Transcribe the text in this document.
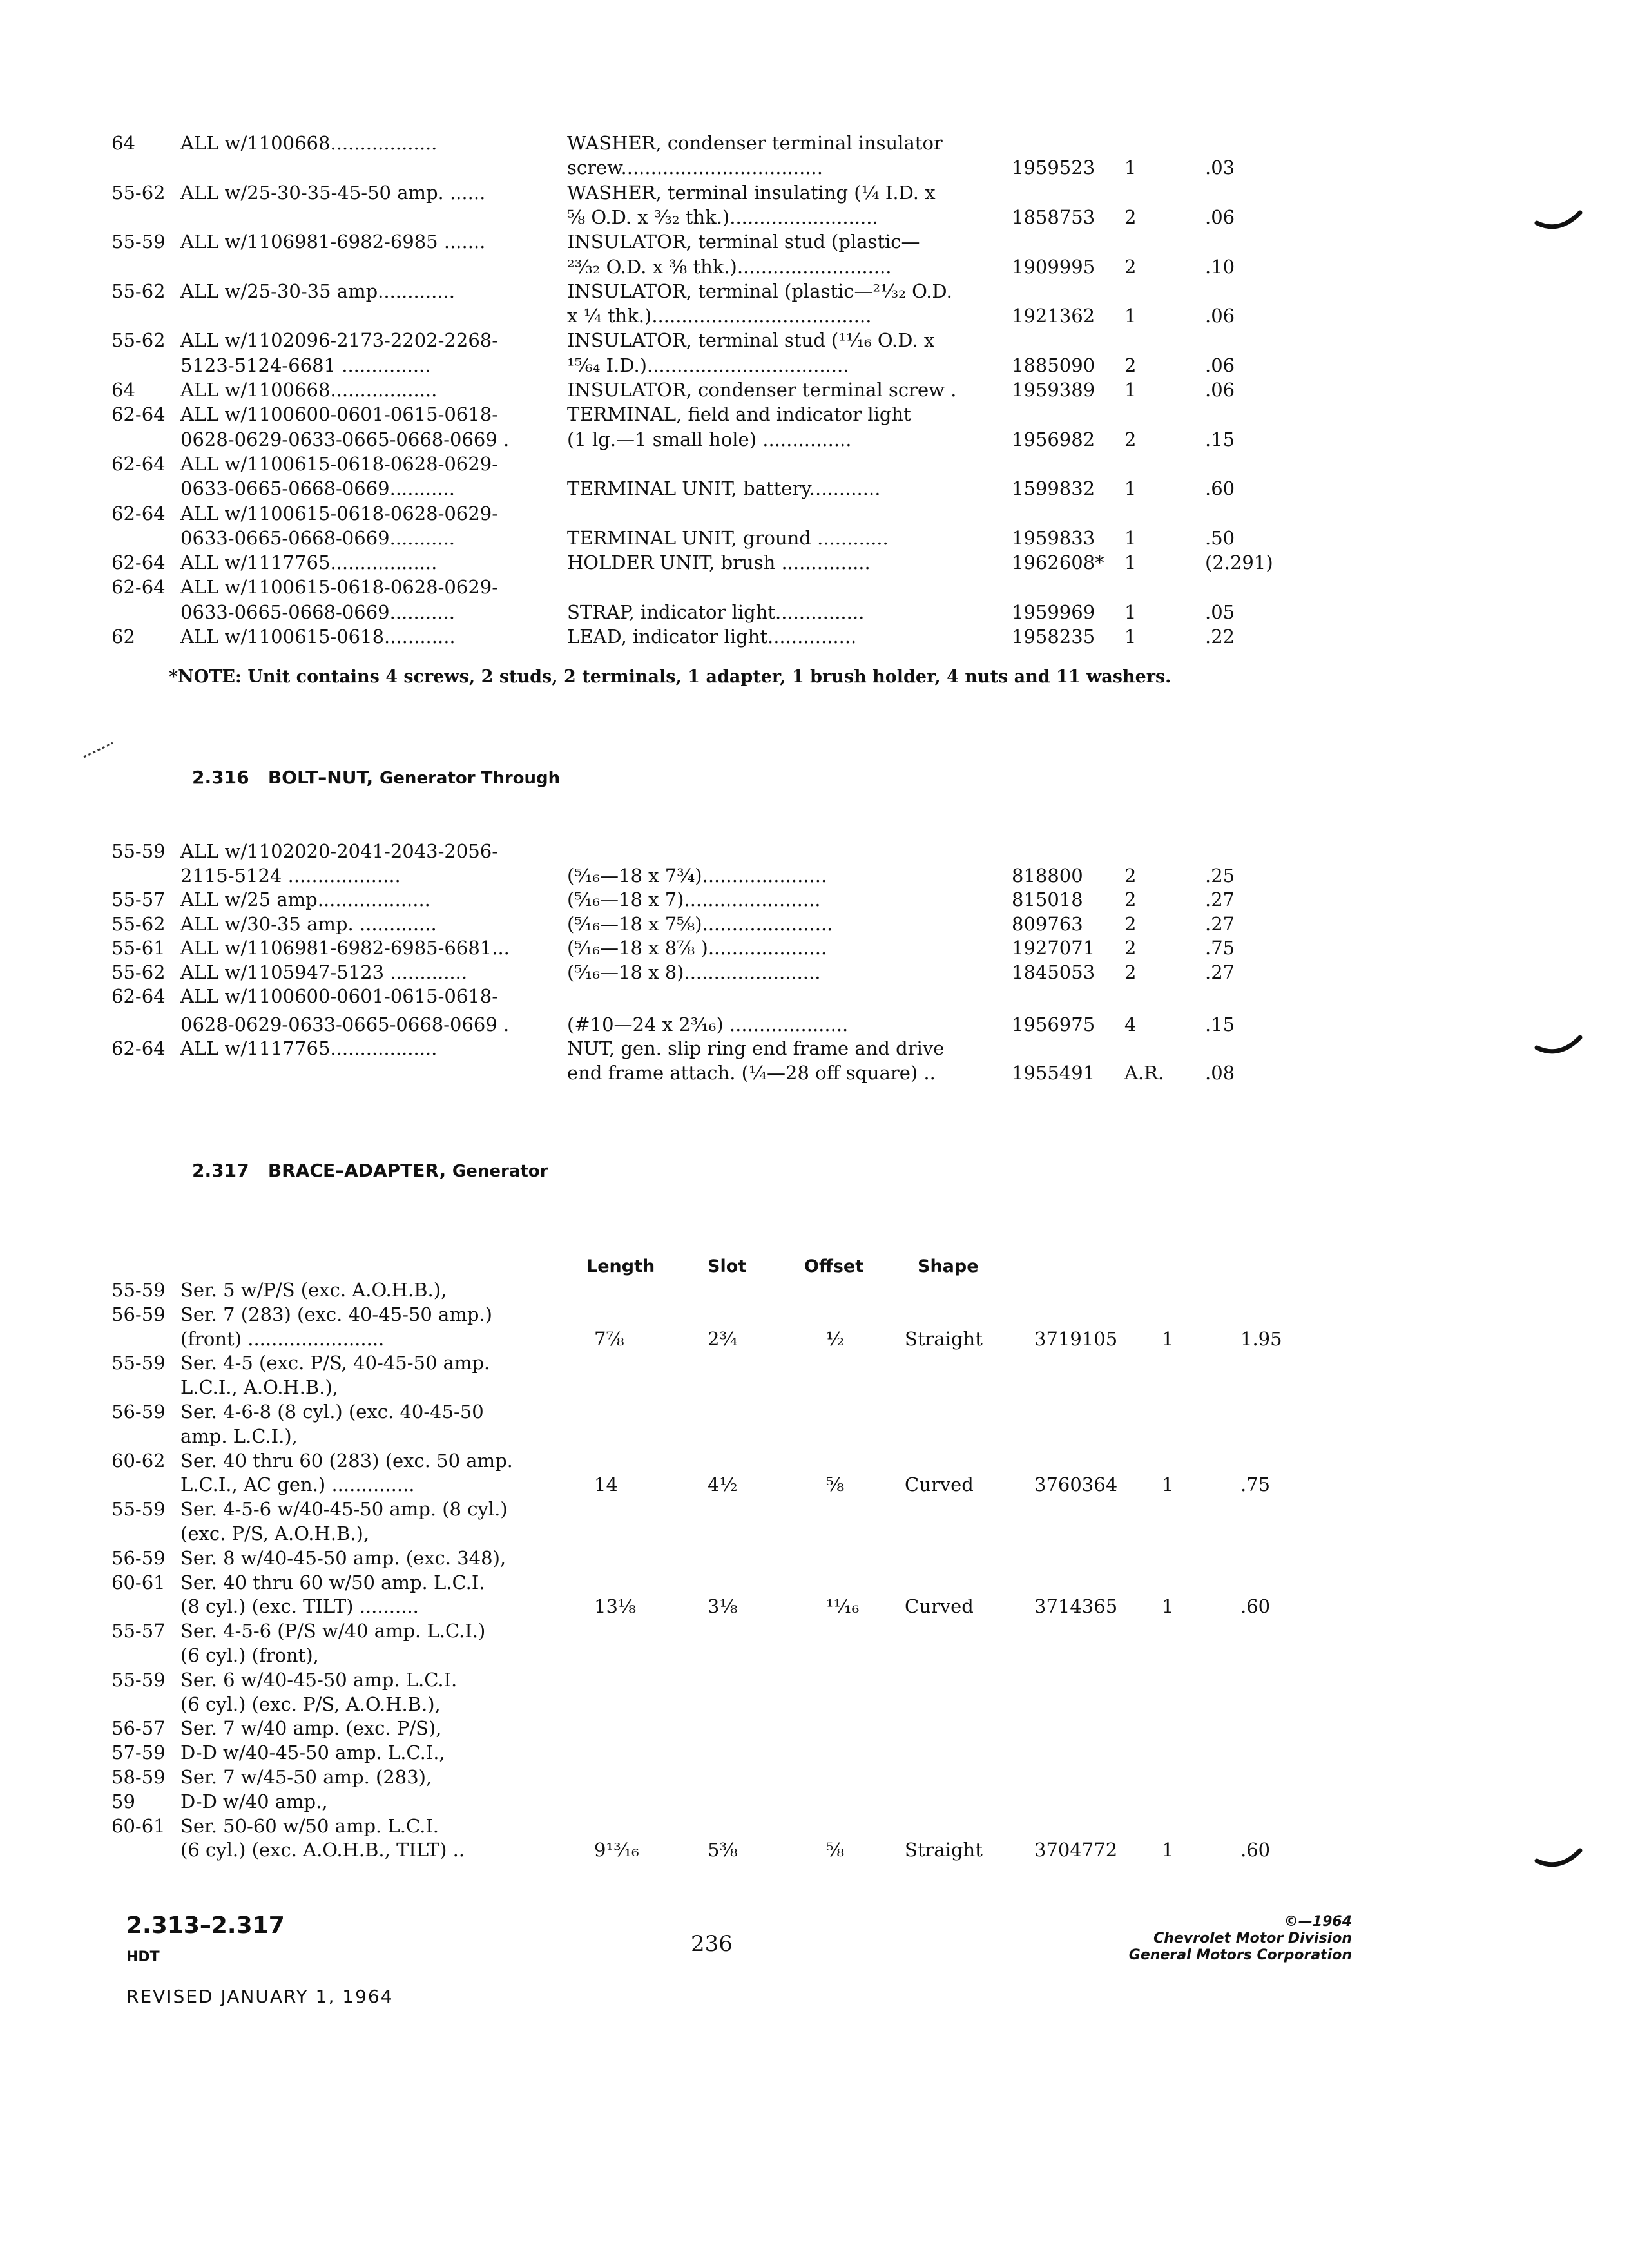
64 ALL w/1100668..................	WASHER, condenser terminal insulator
screw..................................	1959523 1	.03
55-62 ALL w/25-30-35-45-50 amp. ......	WASHER, terminal insulating (¼ I.D. x
⅝ O.D. x ³⁄₃₂ thk.).........................	1858753 2	.06
55-59 ALL w/1106981-6982-6985 .......	INSULATOR, terminal stud (plastic—
²³⁄₃₂ O.D. x ⅜ thk.)..........................	1909995 2	.10
55-62 ALL w/25-30-35 amp.............	INSULATOR, terminal (plastic—²¹⁄₃₂ O.D.
x ¼ thk.).....................................	1921362 1	.06
55-62 ALL w/1102096-2173-2202-2268-	INSULATOR, terminal stud (¹¹⁄₁₆ O.D. x
5123-5124-6681 ...............	¹⁵⁄₆₄ I.D.)..................................	1885090 2	.06
64 ALL w/1100668..................	INSULATOR, condenser terminal screw .	1959389 1	.06
62-64 ALL w/1100600-0601-0615-0618-	TERMINAL, field and indicator light
0628-0629-0633-0665-0668-0669 .	(1 lg.—1 small hole) ...............	1956982 2	.15
62-64 ALL w/1100615-0618-0628-0629-
0633-0665-0668-0669...........	TERMINAL UNIT, battery............	1599832 1	.60
62-64 ALL w/1100615-0618-0628-0629-
0633-0665-0668-0669...........	TERMINAL UNIT, ground ............	1959833 1	.50
62-64 ALL w/1117765..................	HOLDER UNIT, brush ...............	1962608* 1	(2.291)
62-64 ALL w/1100615-0618-0628-0629-
0633-0665-0668-0669...........	STRAP, indicator light...............	1959969 1	.05
62 ALL w/1100615-0618............	LEAD, indicator light...............	1958235 1	.22
*NOTE: Unit contains 4 screws, 2 studs, 2 terminals, 1 adapter, 1 brush holder, 4 nuts and 11 washers.
2.316 BOLT–NUT, Generator Through
55-59 ALL w/1102020-2041-2043-2056-
2115-5124 ...................	(⁵⁄₁₆—18 x 7¾).....................	818800 2	.25
55-57 ALL w/25 amp...................	(⁵⁄₁₆—18 x 7).......................	815018 2	.27
55-62 ALL w/30-35 amp. .............	(⁵⁄₁₆—18 x 7⅝)......................	809763 2	.27
55-61 ALL w/1106981-6982-6985-6681...	(⁵⁄₁₆—18 x 8⅞ )....................	1927071 2	.75
55-62 ALL w/1105947-5123 .............	(⁵⁄₁₆—18 x 8).......................	1845053 2	.27
62-64 ALL w/1100600-0601-0615-0618-
0628-0629-0633-0665-0668-0669 .	(#10—24 x 2³⁄₁₆) ....................	1956975 4	.15
62-64 ALL w/1117765..................	NUT, gen. slip ring end frame and drive
end frame attach. (¼—28 off square) ..	1955491 A.R. .08
2.317 BRACE–ADAPTER, Generator
Length	Slot	Offset	Shape
55-59 Ser. 5 w/P/S (exc. A.O.H.B.),
56-59 Ser. 7 (283) (exc. 40-45-50 amp.)
(front) .......................	7⅞	2¾	½	Straight	3719105 1	1.95
55-59 Ser. 4-5 (exc. P/S, 40-45-50 amp.
L.C.I., A.O.H.B.),
56-59 Ser. 4-6-8 (8 cyl.) (exc. 40-45-50
amp. L.C.I.),
60-62 Ser. 40 thru 60 (283) (exc. 50 amp.
L.C.I., AC gen.) ..............	14	4½	⅝	Curved	3760364 1	.75
55-59 Ser. 4-5-6 w/40-45-50 amp. (8 cyl.)
(exc. P/S, A.O.H.B.),
56-59 Ser. 8 w/40-45-50 amp. (exc. 348),
60-61 Ser. 40 thru 60 w/50 amp. L.C.I.
(8 cyl.) (exc. TILT) ..........	13⅛	3⅛	¹¹⁄₁₆ Curved	3714365 1	.60
55-57 Ser. 4-5-6 (P/S w/40 amp. L.C.I.)
(6 cyl.) (front),
55-59 Ser. 6 w/40-45-50 amp. L.C.I.
(6 cyl.) (exc. P/S, A.O.H.B.),
56-57 Ser. 7 w/40 amp. (exc. P/S),
57-59 D-D w/40-45-50 amp. L.C.I.,
58-59 Ser. 7 w/45-50 amp. (283),
59 D-D w/40 amp.,
60-61 Ser. 50-60 w/50 amp. L.C.I.
(6 cyl.) (exc. A.O.H.B., TILT) ..	9¹³⁄₁₆	5⅜	⅝	Straight	3704772 1	.60
2.313–2.317
HDT
REVISED JANUARY 1, 1964
236
©—1964
Chevrolet Motor Division
General Motors Corporation
